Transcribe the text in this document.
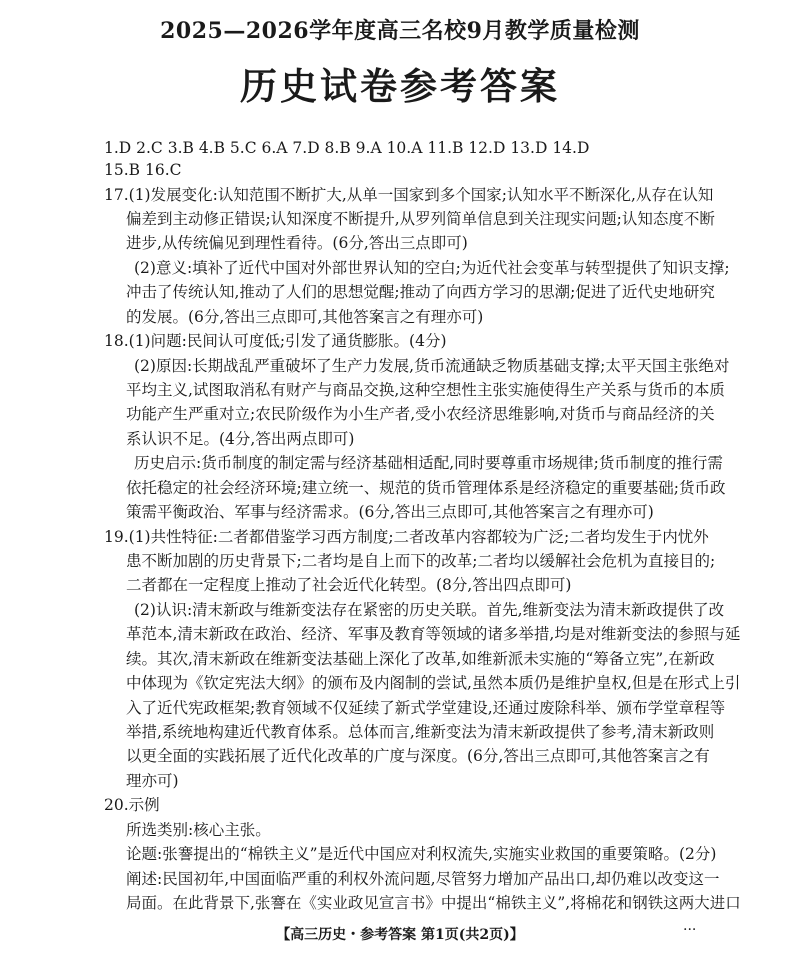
2025—2026学年度高三名校9月教学质量检测
历史试卷参考答案
1.D 2.C 3.B 4.B 5.C 6.A 7.D 8.B 9.A 10.A 11.B 12.D 13.D 14.D
15.B 16.C
17.(1)发展变化:认知范围不断扩大,从单一国家到多个国家;认知水平不断深化,从存在认知
偏差到主动修正错误;认知深度不断提升,从罗列简单信息到关注现实问题;认知态度不断
进步,从传统偏见到理性看待。(6分,答出三点即可)
(2)意义:填补了近代中国对外部世界认知的空白;为近代社会变革与转型提供了知识支撑;
冲击了传统认知,推动了人们的思想觉醒;推动了向西方学习的思潮;促进了近代史地研究
的发展。(6分,答出三点即可,其他答案言之有理亦可)
18.(1)问题:民间认可度低;引发了通货膨胀。(4分)
(2)原因:长期战乱严重破坏了生产力发展,货币流通缺乏物质基础支撑;太平天国主张绝对
平均主义,试图取消私有财产与商品交换,这种空想性主张实施使得生产关系与货币的本质
功能产生严重对立;农民阶级作为小生产者,受小农经济思维影响,对货币与商品经济的关
系认识不足。(4分,答出两点即可)
历史启示:货币制度的制定需与经济基础相适配,同时要尊重市场规律;货币制度的推行需
依托稳定的社会经济环境;建立统一、规范的货币管理体系是经济稳定的重要基础;货币政
策需平衡政治、军事与经济需求。(6分,答出三点即可,其他答案言之有理亦可)
19.(1)共性特征:二者都借鉴学习西方制度;二者改革内容都较为广泛;二者均发生于内忧外
患不断加剧的历史背景下;二者均是自上而下的改革;二者均以缓解社会危机为直接目的;
二者都在一定程度上推动了社会近代化转型。(8分,答出四点即可)
(2)认识:清末新政与维新变法存在紧密的历史关联。首先,维新变法为清末新政提供了改
革范本,清末新政在政治、经济、军事及教育等领域的诸多举措,均是对维新变法的参照与延
续。其次,清末新政在维新变法基础上深化了改革,如维新派未实施的“筹备立宪”,在新政
中体现为《钦定宪法大纲》的颁布及内阁制的尝试,虽然本质仍是维护皇权,但是在形式上引
入了近代宪政框架;教育领域不仅延续了新式学堂建设,还通过废除科举、颁布学堂章程等
举措,系统地构建近代教育体系。总体而言,维新变法为清末新政提供了参考,清末新政则
以更全面的实践拓展了近代化改革的广度与深度。(6分,答出三点即可,其他答案言之有
理亦可)
20.示例
所选类别:核心主张。
论题:张謇提出的“棉铁主义”是近代中国应对利权流失,实施实业救国的重要策略。(2分)
阐述:民国初年,中国面临严重的利权外流问题,尽管努力增加产品出口,却仍难以改变这一
局面。在此背景下,张謇在《实业政见宣言书》中提出“棉铁主义”,将棉花和钢铁这两大进口
【高三历史・参考答案 第1页(共2页)】
...
